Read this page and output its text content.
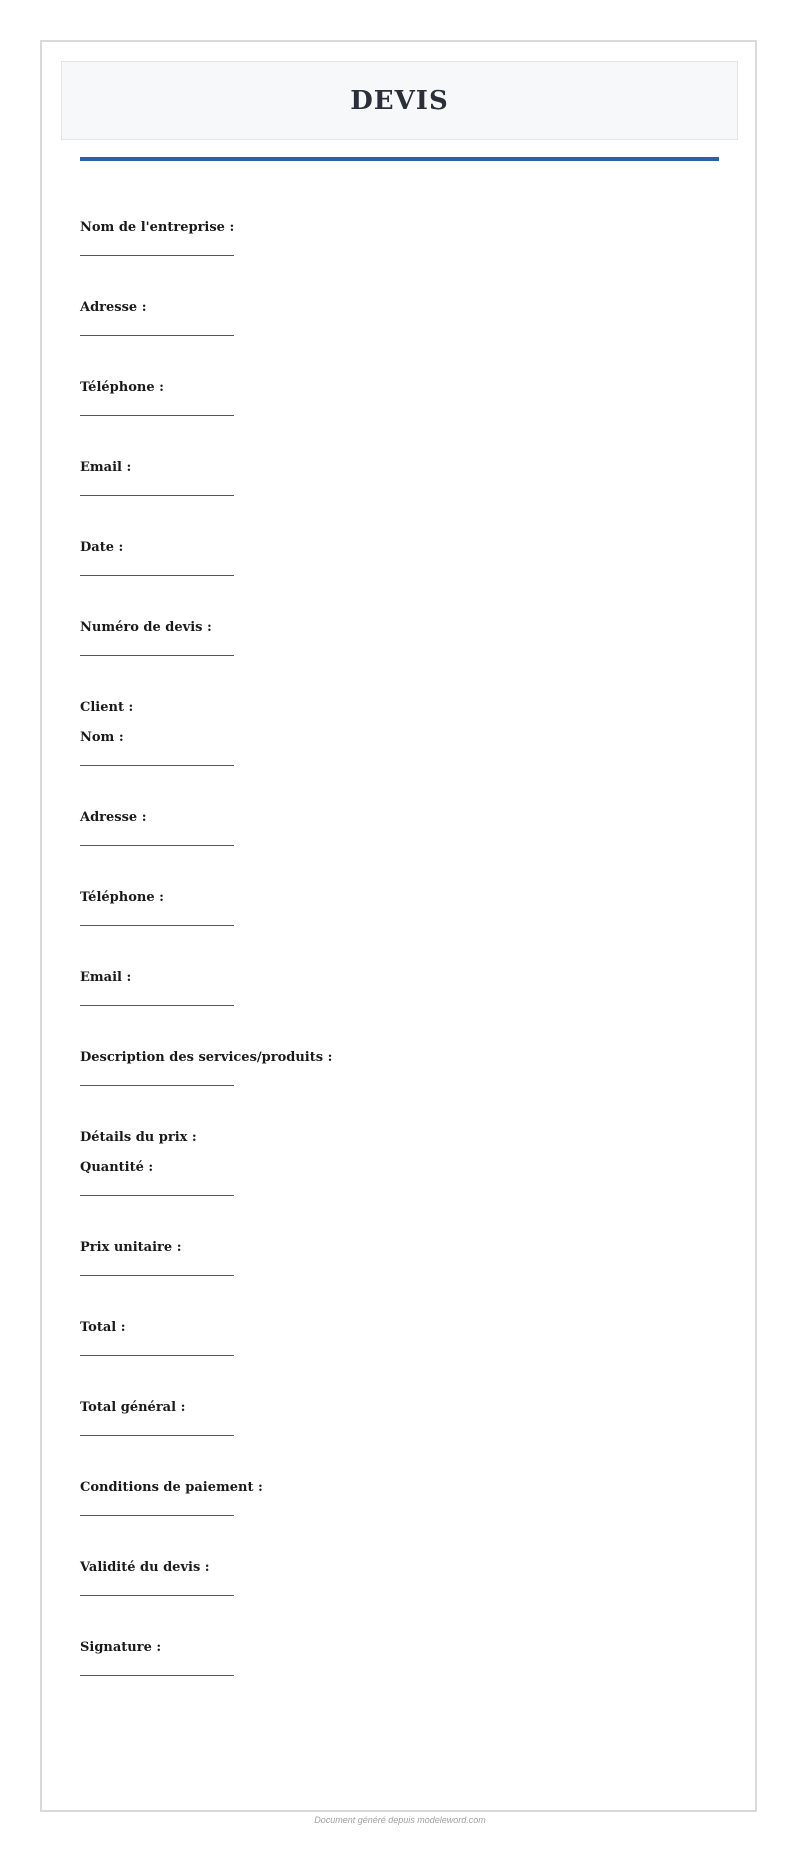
DEVIS
Nom de l'entreprise :
Adresse :
Téléphone :
Email :
Date :
Numéro de devis :
Client :
Nom :
Adresse :
Téléphone :
Email :
Description des services/produits :
Détails du prix :
Quantité :
Prix unitaire :
Total :
Total général :
Conditions de paiement :
Validité du devis :
Signature :
Document généré depuis modeleword.com
